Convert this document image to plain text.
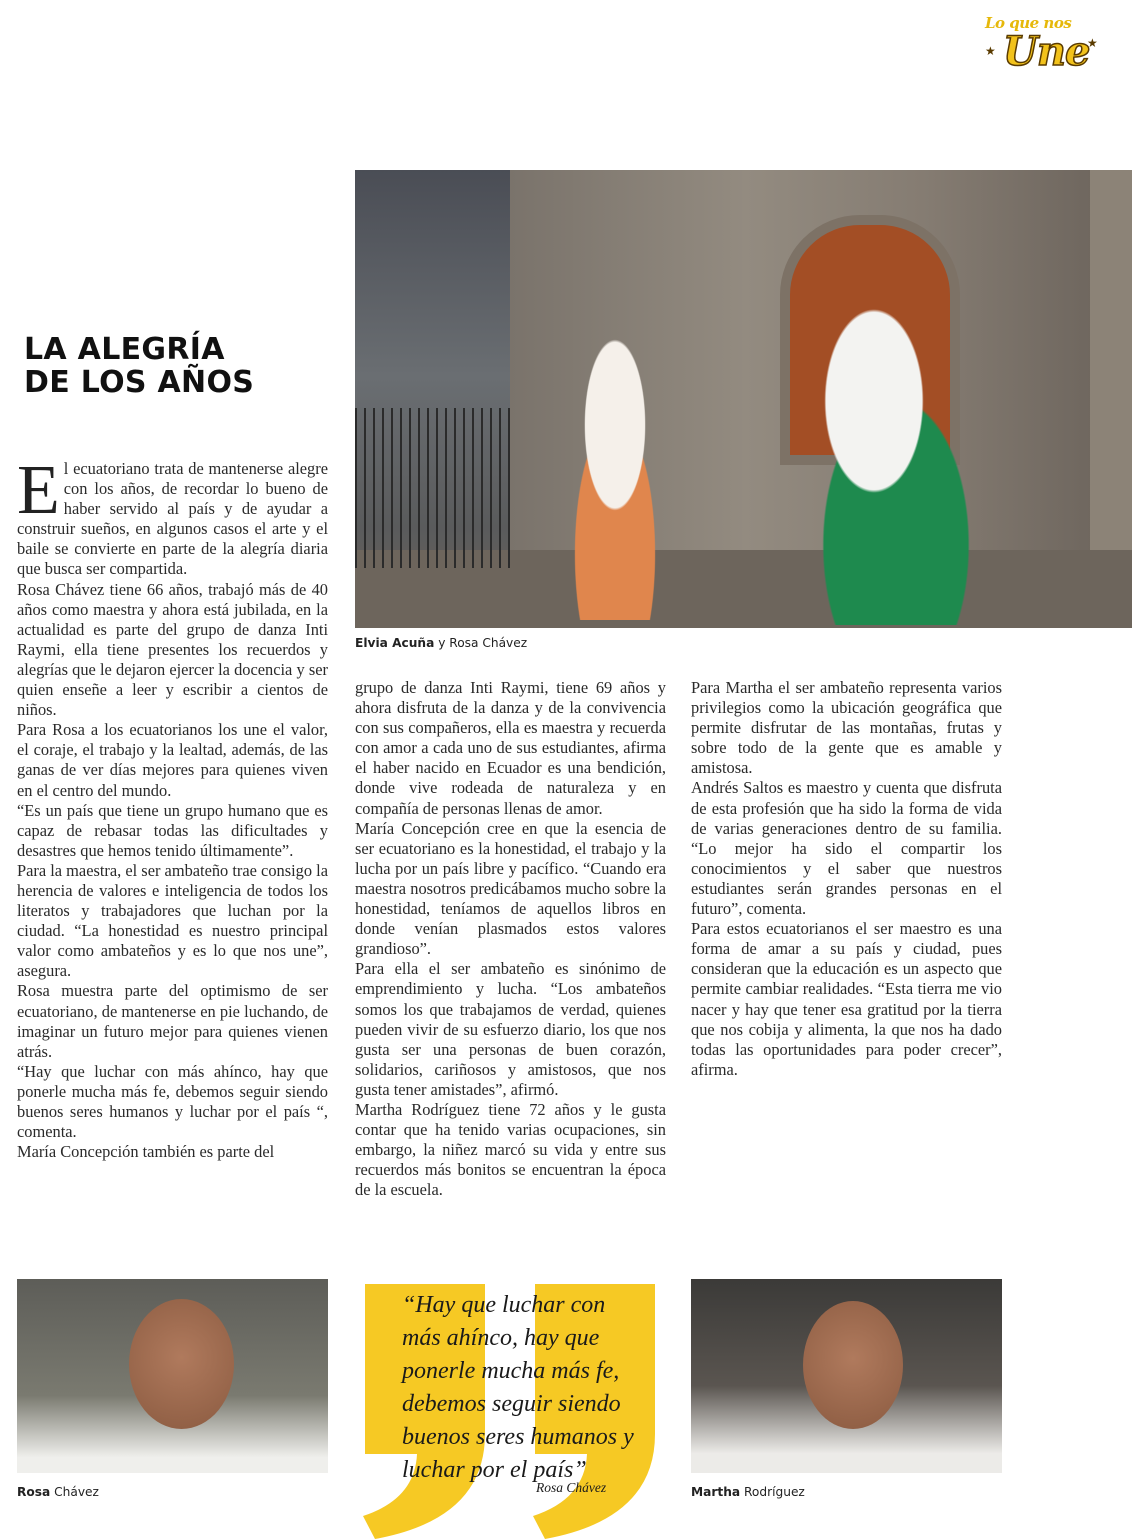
Lo que nos
Une
★
★
LA ALEGRÍA
DE LOS AÑOS
Elvia Acuña y Rosa Chávez

El ecuatoriano trata de mantenerse alegre con los años, de recordar lo bueno de haber servido al país y de ayudar a construir sueños, en algunos casos el arte y el baile se convierte en parte de la alegría diaria que busca ser compartida.

Rosa Chávez tiene 66 años, trabajó más de 40 años como maestra y ahora está jubilada, en la actualidad es parte del grupo de danza Inti Raymi, ella tiene presentes los recuerdos y alegrías que le dejaron ejercer la docencia y ser quien enseñe a leer y escribir a cientos de niños.

Para Rosa a los ecuatorianos los une el valor, el coraje, el trabajo y la lealtad, además, de las ganas de ver días mejores para quienes viven en el centro del mundo.

“Es un país que tiene un grupo humano que es capaz de rebasar todas las dificultades y desastres que hemos tenido últimamente”.

Para la maestra, el ser ambateño trae consigo la herencia de valores e inteligencia de todos los literatos y trabajadores que luchan por la ciudad. “La honestidad es nuestro principal valor como ambateños y es lo que nos une”, asegura.

Rosa muestra parte del optimismo de ser ecuatoriano, de mantenerse en pie luchando, de imaginar un futuro mejor para quienes vienen atrás.

“Hay que luchar con más ahínco, hay que ponerle mucha más fe, debemos seguir siendo buenos seres humanos y luchar por el país “, comenta.

María Concepción también es parte del

grupo de danza Inti Raymi, tiene 69 años y ahora disfruta de la danza y de la convivencia con sus compañeros, ella es maestra y recuerda con amor a cada uno de sus estudiantes, afirma el haber nacido en Ecuador es una bendición, donde vive rodeada de naturaleza y en compañía de personas llenas de amor.

María Concepción cree en que la esencia de ser ecuatoriano es la honestidad, el trabajo y la lucha por un país libre y pacífico. “Cuando era maestra nosotros predicábamos mucho sobre la honestidad, teníamos de aquellos libros en donde venían plasmados estos valores grandioso”.

Para ella el ser ambateño es sinónimo de emprendimiento y lucha. “Los ambateños somos los que trabajamos de verdad, quienes pueden vivir de su esfuerzo diario, los que nos gusta ser una personas de buen corazón, solidarios, cariñosos y amistosos, que nos gusta tener amistades”, afirmó.

Martha Rodríguez tiene 72 años y le gusta contar que ha tenido varias ocupaciones, sin embargo, la niñez marcó su vida y entre sus recuerdos más bonitos se encuentran la época de la escuela.

Para Martha el ser ambateño representa varios privilegios como la ubicación geográfica que permite disfrutar de las montañas, frutas y sobre todo de la gente que es amable y amistosa.

Andrés Saltos es maestro y cuenta que disfruta de esta profesión que ha sido la forma de vida de varias generaciones dentro de su familia. “Lo mejor ha sido el compartir los conocimientos y el saber que nuestros estudiantes serán grandes personas en el futuro”, comenta.

Para estos ecuatorianos el ser maestro es una forma de amar a su país y ciudad, pues consideran que la educación es un aspecto que permite cambiar realidades. “Esta tierra me vio nacer y hay que tener esa gratitud por la tierra que nos cobija y alimenta, la que nos ha dado todas las oportunidades para poder crecer”, afirma.

Rosa Chávez
“Hay que luchar con más ahínco, hay que ponerle mucha más fe, debemos seguir siendo buenos seres humanos y luchar por el país”
Rosa Chávez	Martha Rodríguez
